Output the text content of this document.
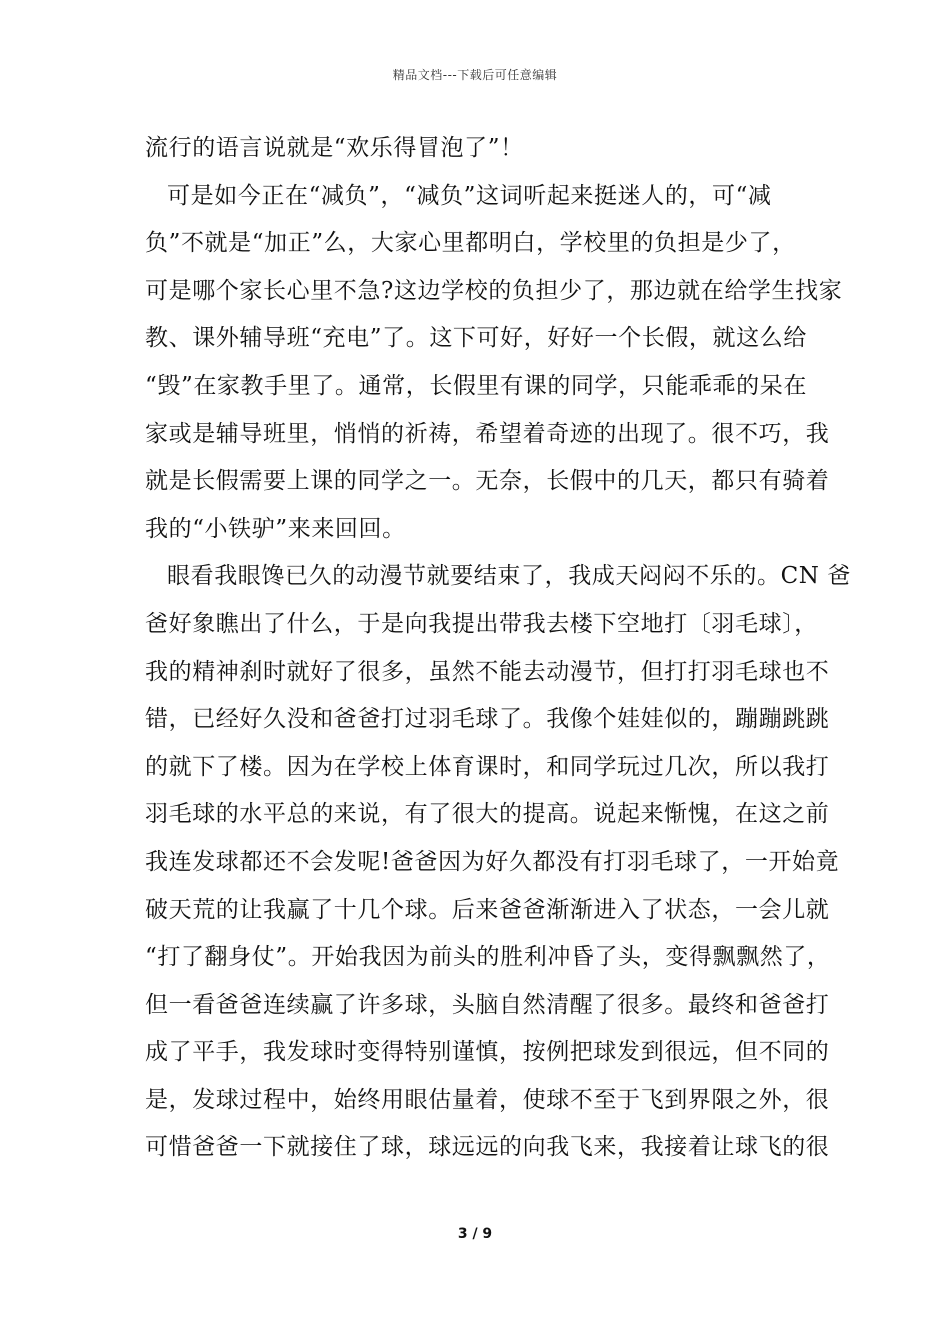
精品文档---下载后可任意编辑
流行的语言说就是“欢乐得冒泡了”！
可是如今正在“减负”，“减负”这词听起来挺迷人的，可“减
负”不就是“加正”么，大家心里都明白，学校里的负担是少了，
可是哪个家长心里不急?这边学校的负担少了，那边就在给学生找家
教、课外辅导班“充电”了。这下可好，好好一个长假，就这么给
“毁”在家教手里了。通常，长假里有课的同学，只能乖乖的呆在
家或是辅导班里，悄悄的祈祷，希望着奇迹的出现了。很不巧，我
就是长假需要上课的同学之一。无奈，长假中的几天，都只有骑着
我的“小铁驴”来来回回。
眼看我眼馋已久的动漫节就要结束了，我成天闷闷不乐的。CN 爸
爸好象瞧出了什么，于是向我提出带我去楼下空地打〔羽毛球〕，
我的精神刹时就好了很多，虽然不能去动漫节，但打打羽毛球也不
错，已经好久没和爸爸打过羽毛球了。我像个娃娃似的，蹦蹦跳跳
的就下了楼。因为在学校上体育课时，和同学玩过几次，所以我打
羽毛球的水平总的来说，有了很大的提高。说起来惭愧，在这之前
我连发球都还不会发呢!爸爸因为好久都没有打羽毛球了，一开始竟
破天荒的让我赢了十几个球。后来爸爸渐渐进入了状态，一会儿就
“打了翻身仗”。开始我因为前头的胜利冲昏了头，变得飘飘然了，
但一看爸爸连续赢了许多球，头脑自然清醒了很多。最终和爸爸打
成了平手，我发球时变得特别谨慎，按例把球发到很远，但不同的
是，发球过程中，始终用眼估量着，使球不至于飞到界限之外，很
可惜爸爸一下就接住了球，球远远的向我飞来，我接着让球飞的很
3 / 9
